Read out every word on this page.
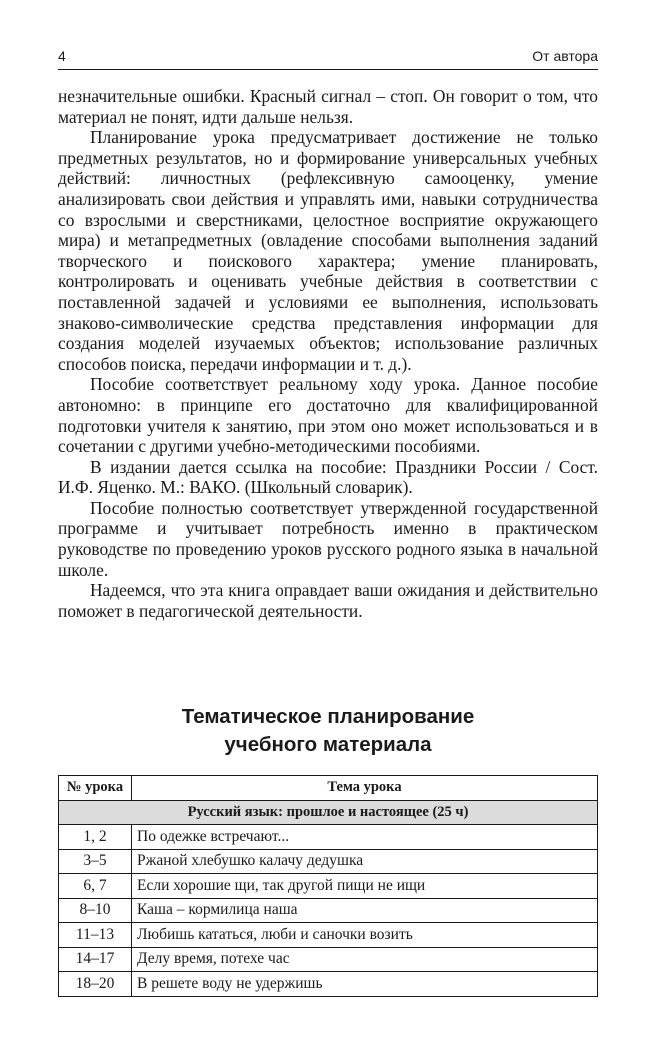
4	От автора

незначительные ошибки. Красный сигнал – стоп. Он говорит о том, что материал не понят, идти дальше нельзя.

Планирование урока предусматривает достижение не только предметных результатов, но и формирование универсальных учебных действий: личностных (рефлексивную самооценку, умение анализировать свои действия и управлять ими, навыки сотрудничества со взрослыми и сверстниками, целостное восприятие окружающего мира) и метапредметных (овладение способами выполнения заданий творческого и поискового характера; умение планировать, контролировать и оценивать учебные действия в соответствии с поставленной задачей и условиями ее выполнения, использовать знаково-символические средства представления информации для создания моделей изучаемых объектов; использование различных способов поиска, передачи информации и т. д.).

Пособие соответствует реальному ходу урока. Данное пособие автономно: в принципе его достаточно для квалифицированной подготовки учителя к занятию, при этом оно может использоваться и в сочетании с другими учебно-методическими пособиями.

В издании дается ссылка на пособие: Праздники России / Сост. И.Ф. Яценко. М.: ВАКО. (Школьный словарик).

Пособие полностью соответствует утвержденной государственной программе и учитывает потребность именно в практическом руководстве по проведению уроков русского родного языка в начальной школе.

Надеемся, что эта книга оправдает ваши ожидания и действительно поможет в педагогической деятельности.

Тематическое планирование
учебного материала
№ урока	Тема урока
Русский язык: прошлое и настоящее (25 ч)	
1, 2	По одежке встречают...
3–5	Ржаной хлебушко калачу дедушка
6, 7	Если хорошие щи, так другой пищи не ищи
8–10	Каша – кормилица наша
11–13	Любишь кататься, люби и саночки возить
14–17	Делу время, потехе час
18–20	В решете воду не удержишь
